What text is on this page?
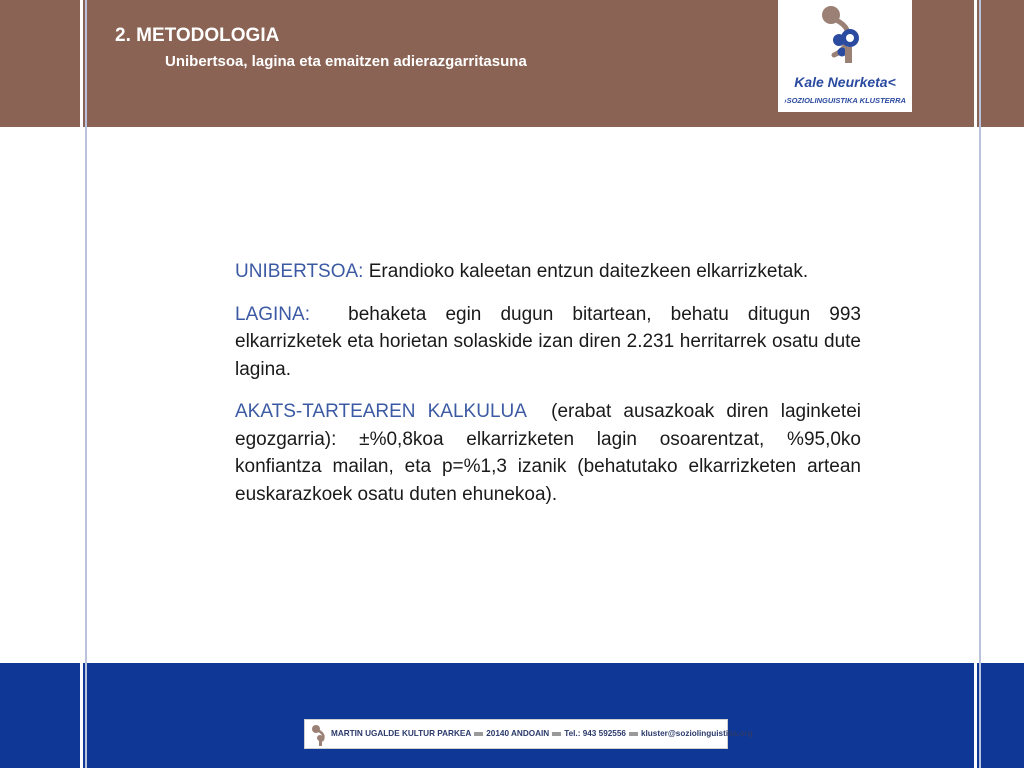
2. METODOLOGIA
Unibertsoa, lagina eta emaitzen adierazgarritasuna
Kale Neurketa<
›SOZIOLINGUISTIKA KLUSTERRA

UNIBERTSOA: Erandioko kaleetan entzun daitezkeen elkarrizketak.

LAGINA: behaketa egin dugun bitartean, behatu ditugun 993 elkarrizketek eta horietan solaskide izan diren 2.231 herritarrek osatu dute lagina.

AKATS-TARTEAREN KALKULUA (erabat ausazkoak diren laginketei egozgarria): ±%0,8koa elkarrizketen lagin osoarentzat, %95,0ko konfiantza mailan, eta p=%1,3 izanik (behatutako elkarrizketen artean euskarazkoek osatu duten ehunekoa).

MARTIN UGALDE KULTUR PARKEA 20140 ANDOAIN Tel.: 943 592556 kluster@soziolinguistika.org
